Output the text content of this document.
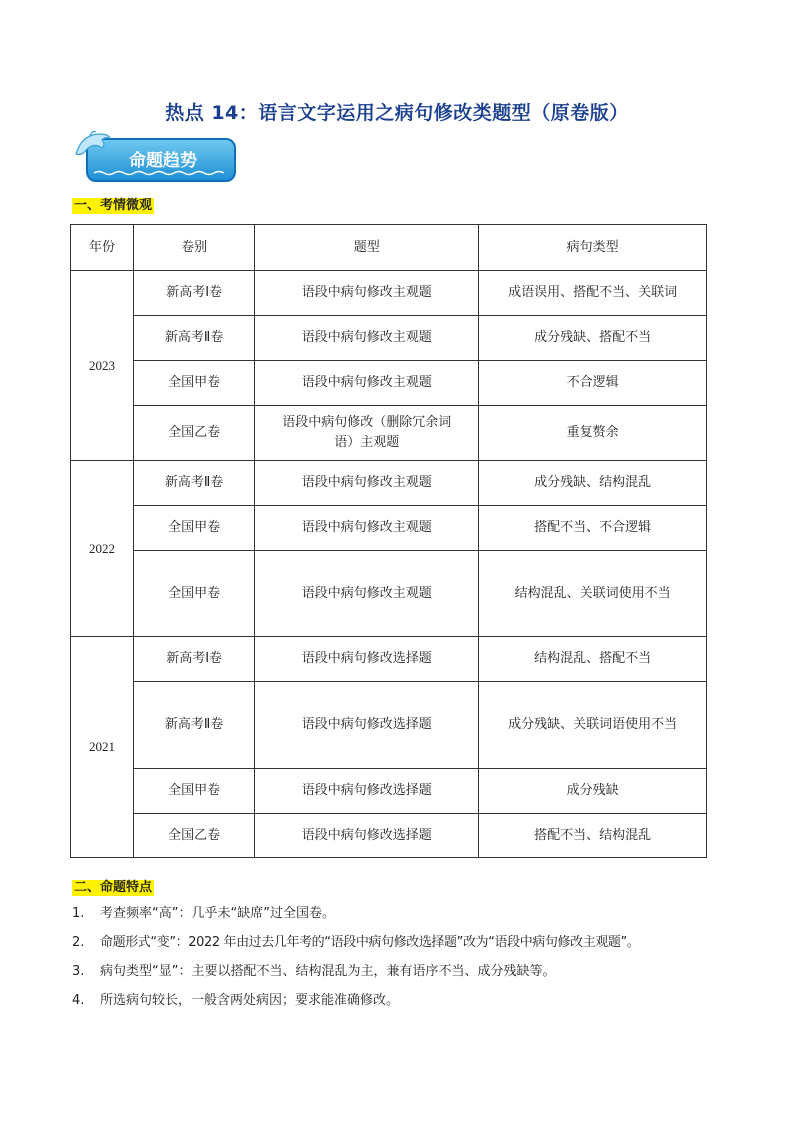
热点 14：语言文字运用之病句修改类题型（原卷版）
命题趋势
一、考情微观
年份	卷别	题型	病句类型
2023	新高考Ⅰ卷	语段中病句修改主观题	成语误用、搭配不当、关联词
	新高考Ⅱ卷	语段中病句修改主观题	成分残缺、搭配不当
	全国甲卷	语段中病句修改主观题	不合逻辑
	全国乙卷	语段中病句修改（删除冗余词语）主观题	重复赘余
2022	新高考Ⅱ卷	语段中病句修改主观题	成分残缺、结构混乱
	全国甲卷	语段中病句修改主观题	搭配不当、不合逻辑
	全国甲卷	语段中病句修改主观题	结构混乱、关联词使用不当
2021	新高考Ⅰ卷	语段中病句修改选择题	结构混乱、搭配不当
	新高考Ⅱ卷	语段中病句修改选择题	成分残缺、关联词语使用不当
	全国甲卷	语段中病句修改选择题	成分残缺
	全国乙卷	语段中病句修改选择题	搭配不当、结构混乱
二、命题特点
1.	考查频率“高”：几乎未“缺席”过全国卷。
2.	命题形式“变”：2022 年由过去几年考的“语段中病句修改选择题”改为“语段中病句修改主观题”。
3.	病句类型“显”：主要以搭配不当、结构混乱为主，兼有语序不当、成分残缺等。
4.	所选病句较长，一般含两处病因；要求能准确修改。
